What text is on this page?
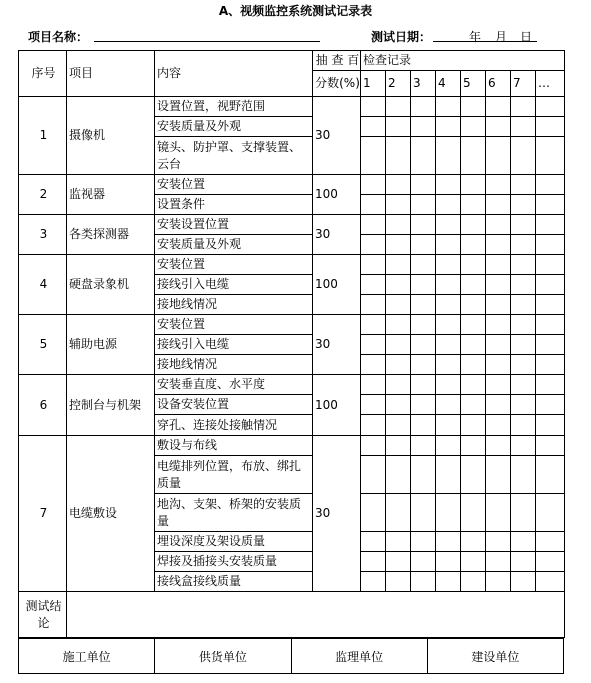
A、视频监控系统测试记录表
项目名称：	测试日期：	年 月 日
序号	项目	内容	抽 查 百	检查记录							
			分数(%)	1	2	3	4	5	6	7	…
1	摄像机	设置位置，视野范围	30								
		安装质量及外观									
		镜头、防护罩、支撑装置、云台									
2	监视器	安装位置	100								
		设置条件									
3	各类探测器	安装设置位置	30								
		安装质量及外观									
4	硬盘录象机	安装位置	100								
		接线引入电缆									
		接地线情况									
5	辅助电源	安装位置	30								
		接线引入电缆									
		接地线情况									
6	控制台与机架	安装垂直度、水平度	100								
		设备安装位置									
		穿孔、连接处接触情况									
7	电缆敷设	敷设与布线	30								
		电缆排列位置，布放、绑扎质量									
		地沟、支架、桥架的安装质量									
		埋设深度及架设质量									
		焊接及插接头安装质量									
		接线盒接线质量									
测试结论											
施工单位	供货单位	监理单位	建设单位
